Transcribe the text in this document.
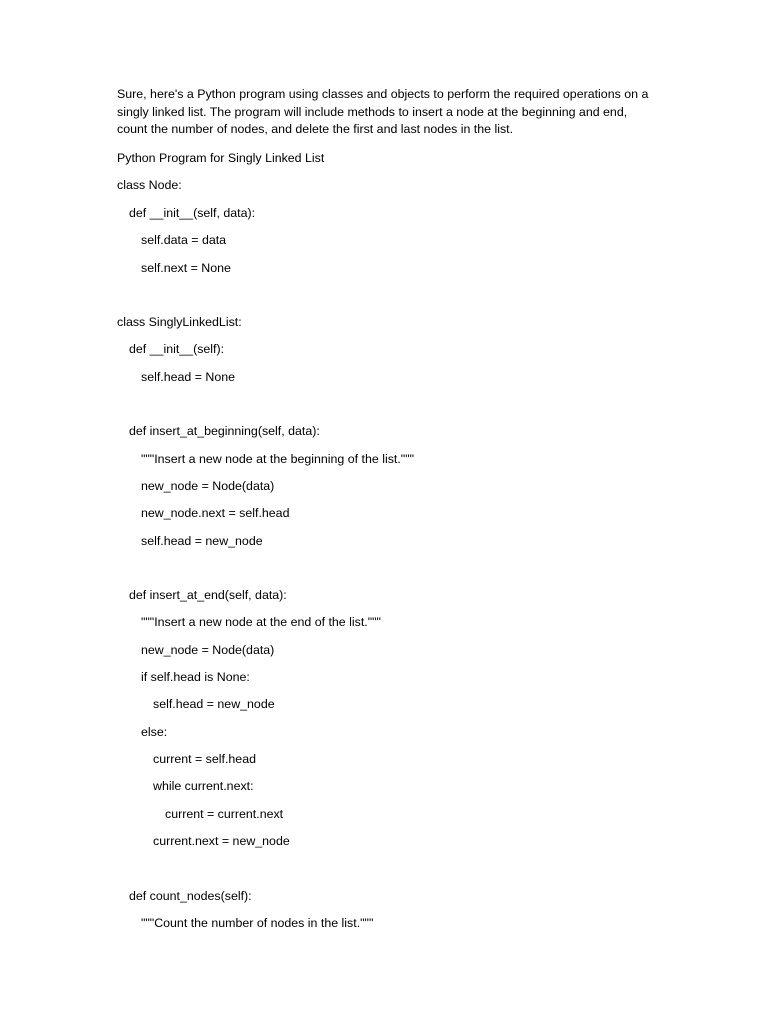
Sure, here's a Python program using classes and objects to perform the required operations on a singly linked list. The program will include methods to insert a node at the beginning and end, count the number of nodes, and delete the first and last nodes in the list.

Python Program for Singly Linked List

class Node:

def __init__(self, data):

self.data = data

self.next = None

class SinglyLinkedList:

def __init__(self):

self.head = None

def insert_at_beginning(self, data):

"""Insert a new node at the beginning of the list."""

new_node = Node(data)

new_node.next = self.head

self.head = new_node

def insert_at_end(self, data):

"""Insert a new node at the end of the list."""

new_node = Node(data)

if self.head is None:

self.head = new_node

else:

current = self.head

while current.next:

current = current.next

current.next = new_node

def count_nodes(self):

"""Count the number of nodes in the list."""
